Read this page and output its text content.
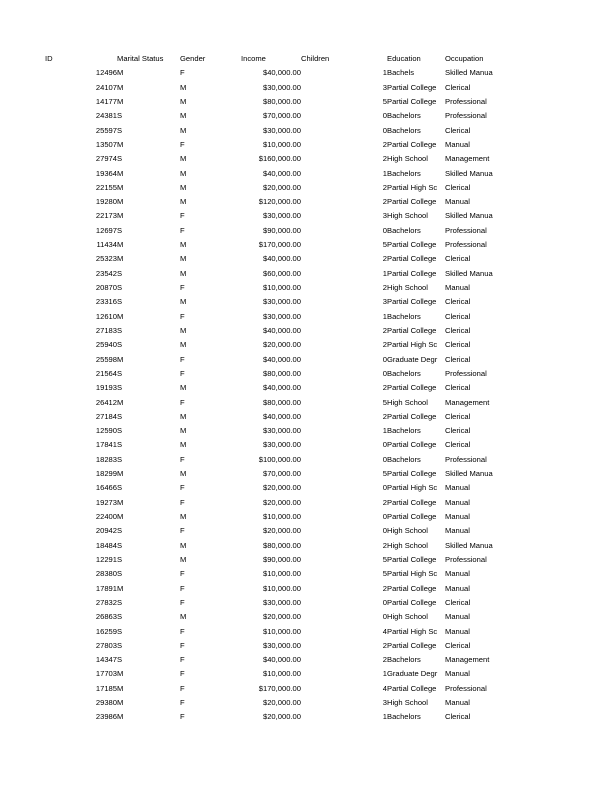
ID	Marital Status	Gender	Income	Children	Education	Occupation
12496	M	F	$40,000.00	1	Bachels	Skilled Manua
24107	M	M	$30,000.00	3	Partial College	Clerical
14177	M	M	$80,000.00	5	Partial College	Professional
24381	S	M	$70,000.00	0	Bachelors	Professional
25597	S	M	$30,000.00	0	Bachelors	Clerical
13507	M	F	$10,000.00	2	Partial College	Manual
27974	S	M	$160,000.00	2	High School	Management
19364	M	M	$40,000.00	1	Bachelors	Skilled Manua
22155	M	M	$20,000.00	2	Partial High Sc	Clerical
19280	M	M	$120,000.00	2	Partial College	Manual
22173	M	F	$30,000.00	3	High School	Skilled Manua
12697	S	F	$90,000.00	0	Bachelors	Professional
11434	M	M	$170,000.00	5	Partial College	Professional
25323	M	M	$40,000.00	2	Partial College	Clerical
23542	S	M	$60,000.00	1	Partial College	Skilled Manua
20870	S	F	$10,000.00	2	High School	Manual
23316	S	M	$30,000.00	3	Partial College	Clerical
12610	M	F	$30,000.00	1	Bachelors	Clerical
27183	S	M	$40,000.00	2	Partial College	Clerical
25940	S	M	$20,000.00	2	Partial High Sc	Clerical
25598	M	F	$40,000.00	0	Graduate Degr	Clerical
21564	S	F	$80,000.00	0	Bachelors	Professional
19193	S	M	$40,000.00	2	Partial College	Clerical
26412	M	F	$80,000.00	5	High School	Management
27184	S	M	$40,000.00	2	Partial College	Clerical
12590	S	M	$30,000.00	1	Bachelors	Clerical
17841	S	M	$30,000.00	0	Partial College	Clerical
18283	S	F	$100,000.00	0	Bachelors	Professional
18299	M	M	$70,000.00	5	Partial College	Skilled Manua
16466	S	F	$20,000.00	0	Partial High Sc	Manual
19273	M	F	$20,000.00	2	Partial College	Manual
22400	M	M	$10,000.00	0	Partial College	Manual
20942	S	F	$20,000.00	0	High School	Manual
18484	S	M	$80,000.00	2	High School	Skilled Manua
12291	S	M	$90,000.00	5	Partial College	Professional
28380	S	F	$10,000.00	5	Partial High Sc	Manual
17891	M	F	$10,000.00	2	Partial College	Manual
27832	S	F	$30,000.00	0	Partial College	Clerical
26863	S	M	$20,000.00	0	High School	Manual
16259	S	F	$10,000.00	4	Partial High Sc	Manual
27803	S	F	$30,000.00	2	Partial College	Clerical
14347	S	F	$40,000.00	2	Bachelors	Management
17703	M	F	$10,000.00	1	Graduate Degr	Manual
17185	M	F	$170,000.00	4	Partial College	Professional
29380	M	F	$20,000.00	3	High School	Manual
23986	M	F	$20,000.00	1	Bachelors	Clerical
